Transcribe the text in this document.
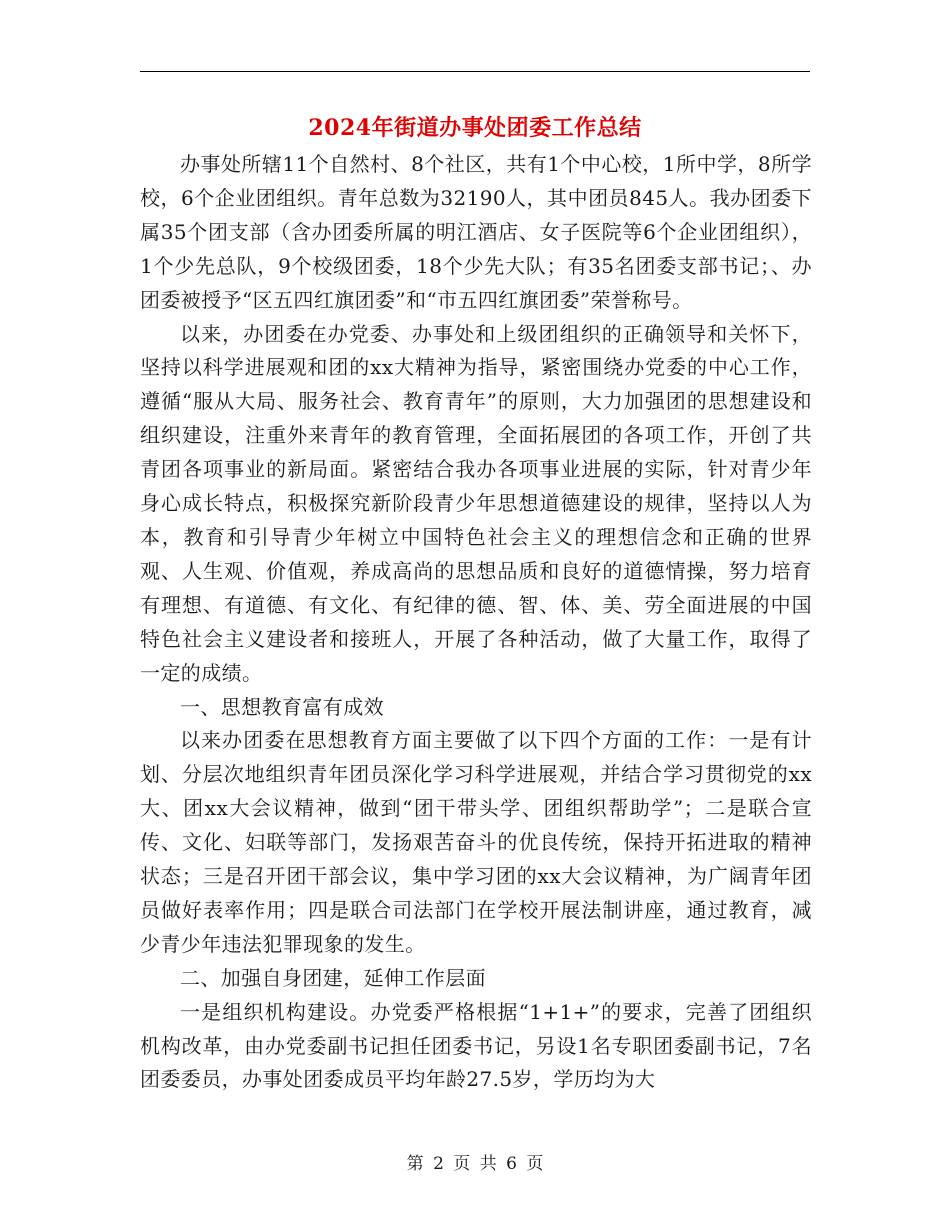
2024年街道办事处团委工作总结

办事处所辖11个自然村、8个社区，共有1个中心校，1所中学，8所学校，6个企业团组织。青年总数为32190人，其中团员845人。我办团委下属35个团支部（含办团委所属的明江酒店、女子医院等6个企业团组织），1个少先总队，9个校级团委，18个少先大队；有35名团委支部书记；、办团委被授予“区五四红旗团委”和“市五四红旗团委”荣誉称号。

以来，办团委在办党委、办事处和上级团组织的正确领导和关怀下，坚持以科学进展观和团的xx大精神为指导，紧密围绕办党委的中心工作，遵循“服从大局、服务社会、教育青年”的原则，大力加强团的思想建设和组织建设，注重外来青年的教育管理，全面拓展团的各项工作，开创了共青团各项事业的新局面。紧密结合我办各项事业进展的实际，针对青少年身心成长特点，积极探究新阶段青少年思想道德建设的规律，坚持以人为本，教育和引导青少年树立中国特色社会主义的理想信念和正确的世界观、人生观、价值观，养成高尚的思想品质和良好的道德情操，努力培育有理想、有道德、有文化、有纪律的德、智、体、美、劳全面进展的中国特色社会主义建设者和接班人，开展了各种活动，做了大量工作，取得了一定的成绩。

一、思想教育富有成效

以来办团委在思想教育方面主要做了以下四个方面的工作：一是有计划、分层次地组织青年团员深化学习科学进展观，并结合学习贯彻党的xx大、团xx大会议精神，做到“团干带头学、团组织帮助学”；二是联合宣传、文化、妇联等部门，发扬艰苦奋斗的优良传统，保持开拓进取的精神状态；三是召开团干部会议，集中学习团的xx大会议精神，为广阔青年团员做好表率作用；四是联合司法部门在学校开展法制讲座，通过教育，减少青少年违法犯罪现象的发生。

二、加强自身团建，延伸工作层面

一是组织机构建设。办党委严格根据“1+1+”的要求，完善了团组织机构改革，由办党委副书记担任团委书记，另设1名专职团委副书记，7名团委委员，办事处团委成员平均年龄27.5岁，学历均为大

第 2 页 共 6 页
